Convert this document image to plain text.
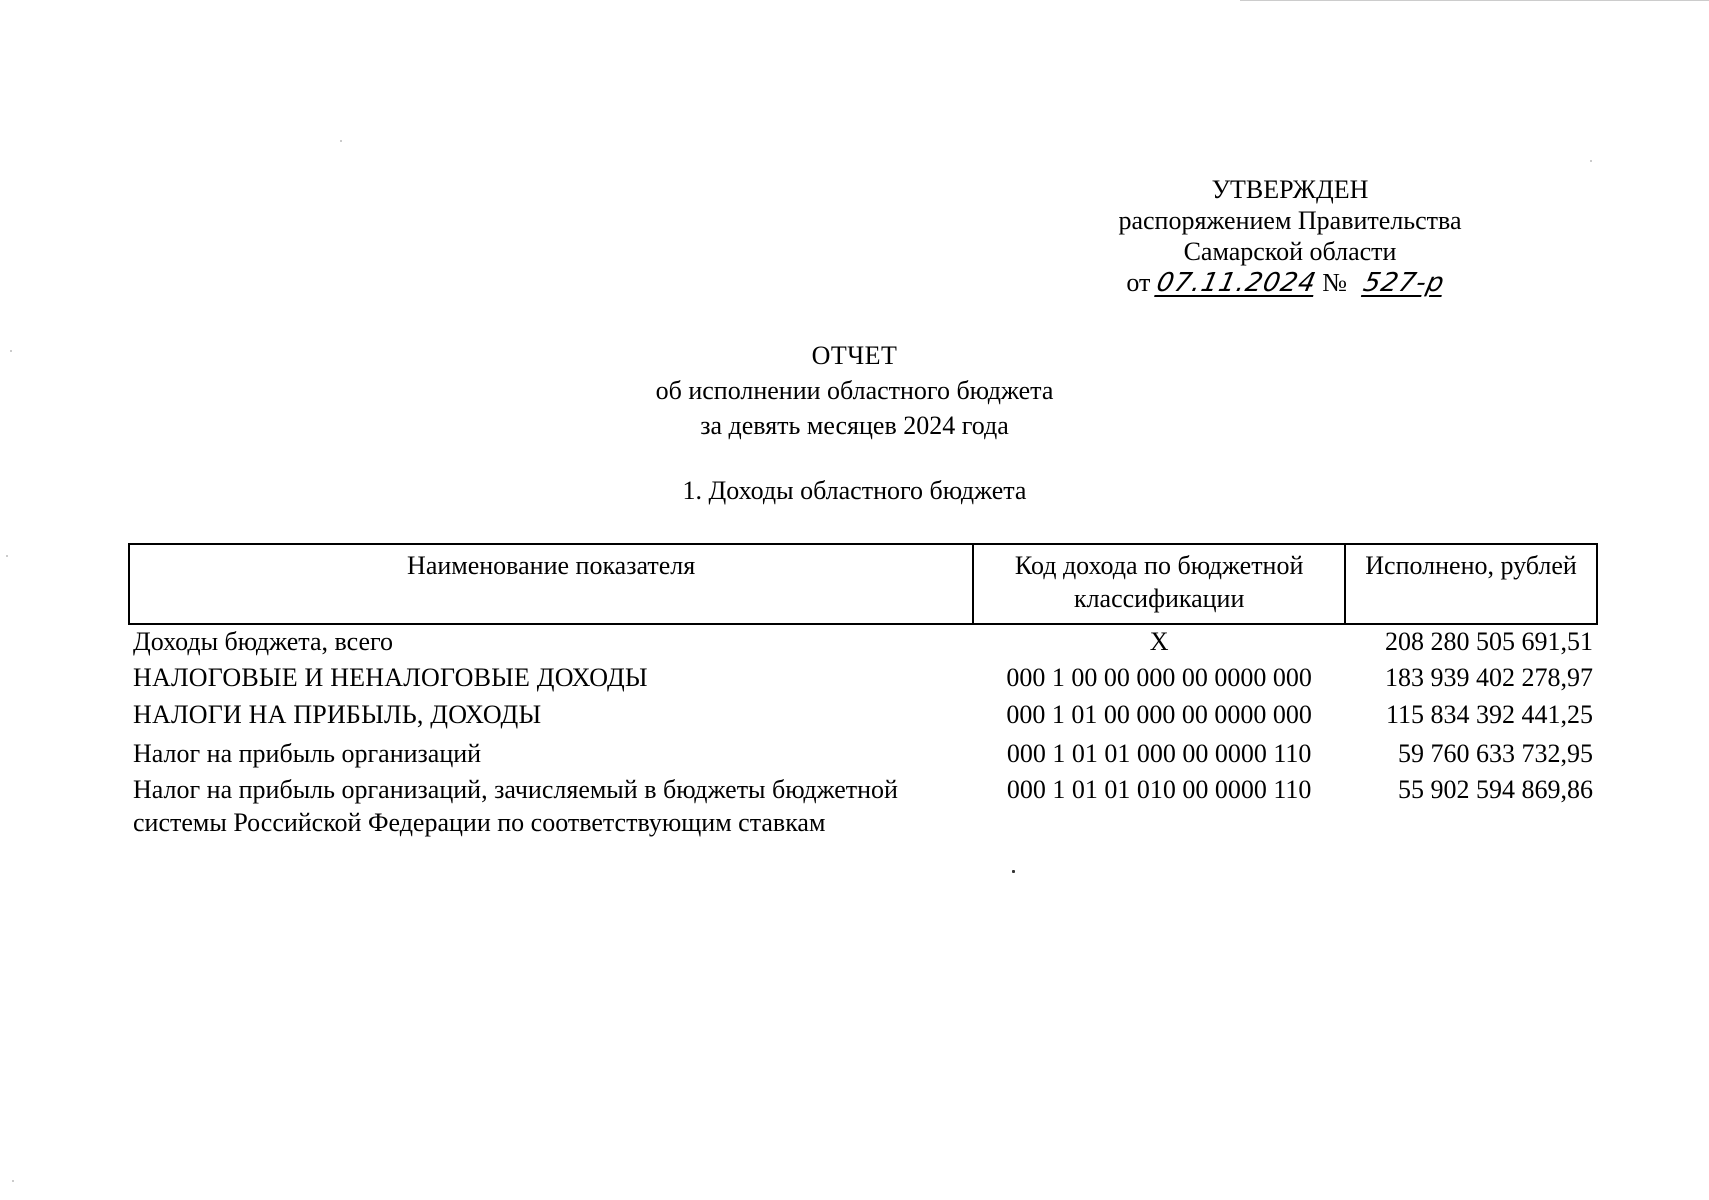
УТВЕРЖДЕН
распоряжением Правительства
Самарской области
от 07.11.2024 № 527-р
ОТЧЕТ
об исполнении областного бюджета
за девять месяцев 2024 года
1. Доходы областного бюджета
Наименование показателя	Код дохода по бюджетной классификации	Исполнено, рублей
Доходы бюджета, всего	X	208 280 505 691,51
НАЛОГОВЫЕ И НЕНАЛОГОВЫЕ ДОХОДЫ	000 1 00 00 000 00 0000 000	183 939 402 278,97
НАЛОГИ НА ПРИБЫЛЬ, ДОХОДЫ	000 1 01 00 000 00 0000 000	115 834 392 441,25
Налог на прибыль организаций	000 1 01 01 000 00 0000 110	59 760 633 732,95
Налог на прибыль организаций, зачисляемый в бюджеты бюджетной системы Российской Федерации по соответствующим ставкам	000 1 01 01 010 00 0000 110	55 902 594 869,86
